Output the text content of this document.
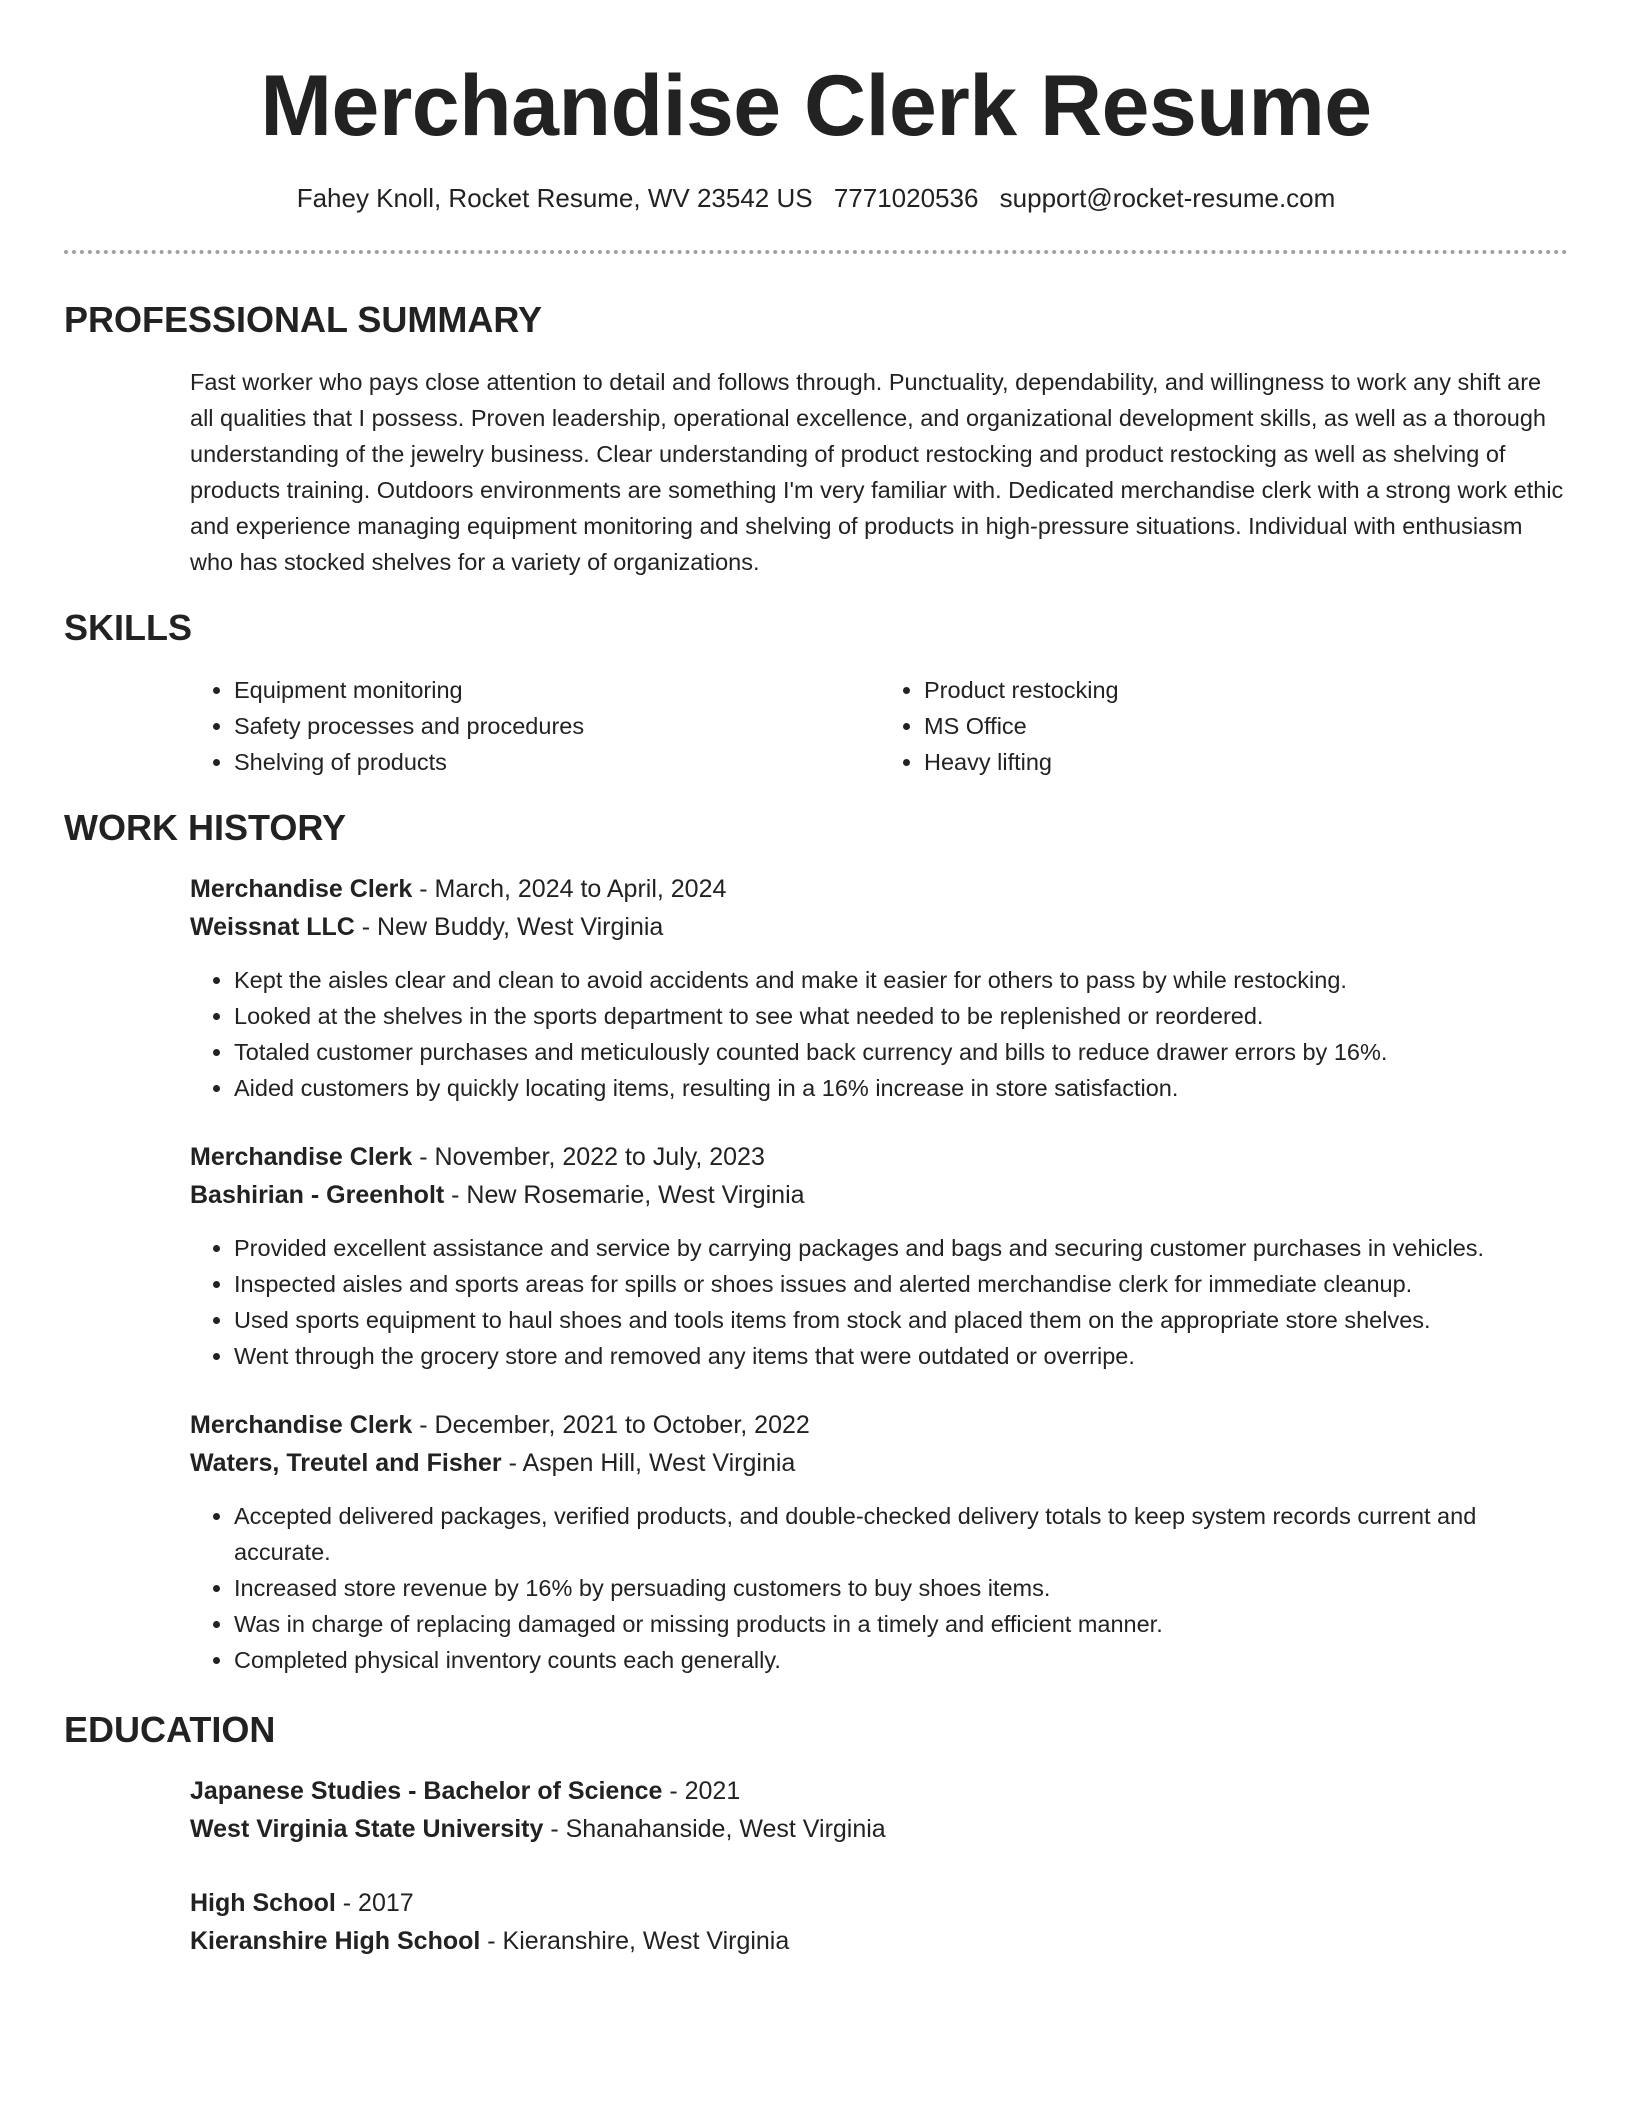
Merchandise Clerk Resume
Fahey Knoll, Rocket Resume, WV 23542 US 7771020536 support@rocket-resume.com
PROFESSIONAL SUMMARY

Fast worker who pays close attention to detail and follows through. Punctuality, dependability, and willingness to work any shift are all qualities that I possess. Proven leadership, operational excellence, and organizational development skills, as well as a thorough understanding of the jewelry business. Clear understanding of product restocking and product restocking as well as shelving of products training. Outdoors environments are something I'm very familiar with. Dedicated merchandise clerk with a strong work ethic and experience managing equipment monitoring and shelving of products in high-pressure situations. Individual with enthusiasm who has stocked shelves for a variety of organizations.

SKILLS
• Equipment monitoring
• Safety processes and procedures
• Shelving of products
• Product restocking
• MS Office
• Heavy lifting
WORK HISTORY

Merchandise Clerk - March, 2024 to April, 2024

Weissnat LLC - New Buddy, West Virginia

• Kept the aisles clear and clean to avoid accidents and make it easier for others to pass by while restocking.
• Looked at the shelves in the sports department to see what needed to be replenished or reordered.
• Totaled customer purchases and meticulously counted back currency and bills to reduce drawer errors by 16%.
• Aided customers by quickly locating items, resulting in a 16% increase in store satisfaction.

Merchandise Clerk - November, 2022 to July, 2023

Bashirian - Greenholt - New Rosemarie, West Virginia

• Provided excellent assistance and service by carrying packages and bags and securing customer purchases in vehicles.
• Inspected aisles and sports areas for spills or shoes issues and alerted merchandise clerk for immediate cleanup.
• Used sports equipment to haul shoes and tools items from stock and placed them on the appropriate store shelves.
• Went through the grocery store and removed any items that were outdated or overripe.

Merchandise Clerk - December, 2021 to October, 2022

Waters, Treutel and Fisher - Aspen Hill, West Virginia

• Accepted delivered packages, verified products, and double-checked delivery totals to keep system records current and accurate.
• Increased store revenue by 16% by persuading customers to buy shoes items.
• Was in charge of replacing damaged or missing products in a timely and efficient manner.
• Completed physical inventory counts each generally.
EDUCATION

Japanese Studies - Bachelor of Science - 2021

West Virginia State University - Shanahanside, West Virginia

High School - 2017

Kieranshire High School - Kieranshire, West Virginia
